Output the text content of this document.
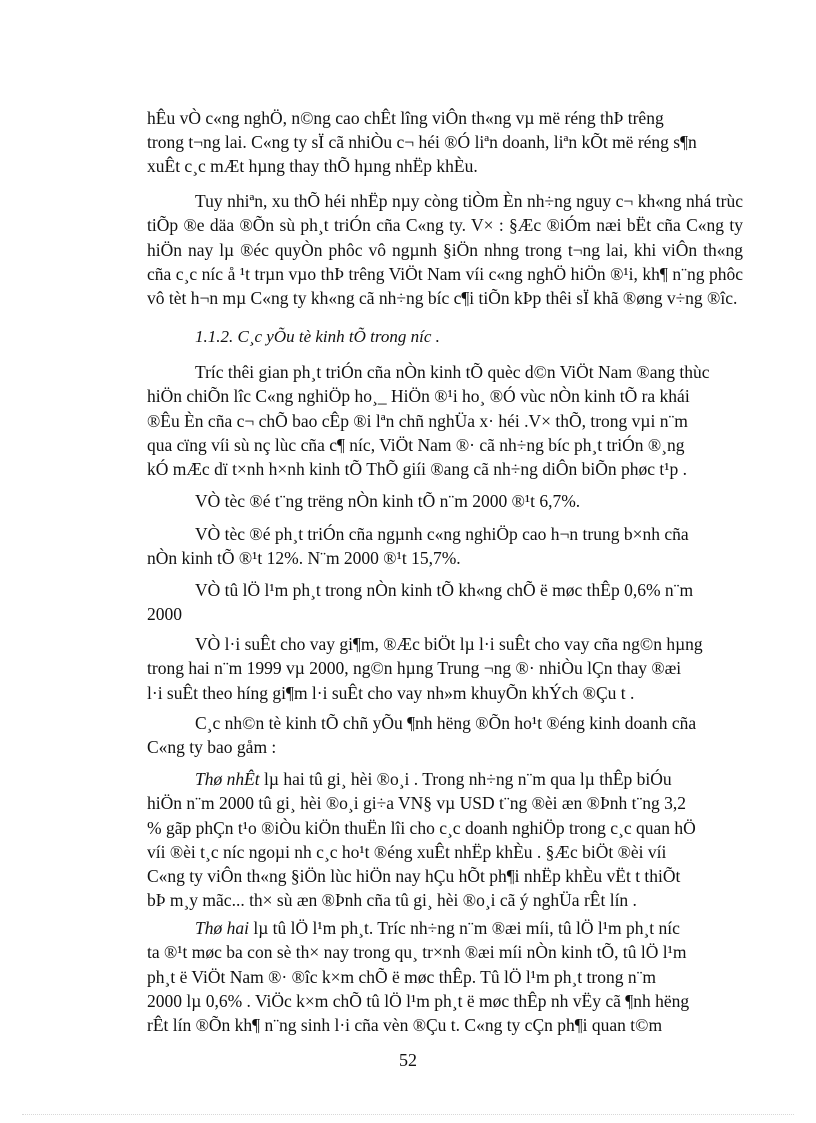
hÊu vÒ c«ng nghÖ, n©ng cao chÊt lîng viÔn th«ng vµ më réng thÞ trêng
trong t¬ng lai. C«ng ty sÏ cã nhiÒu c¬ héi ®Ó liªn doanh, liªn kÕt më réng s¶n
xuÊt c¸c mÆt hµng thay thÕ hµng nhËp khÈu.
Tuy nhiªn, xu thÕ héi nhËp nµy còng tiÒm Èn nh÷ng nguy c¬ kh«ng nhá trùc tiÕp ®e däa ®Õn sù ph¸t triÓn cña C«ng ty. V× : §Æc ®iÓm næi bËt cña C«ng ty hiÖn nay lµ ®éc quyÒn phôc vô ngµnh §iÖn nhng trong t¬ng lai, khi viÔn th«ng cña c¸c níc å ¹t trµn vµo thÞ trêng ViÖt Nam víi c«ng nghÖ hiÖn ®¹i, kh¶ n¨ng phôc vô tèt h¬n mµ C«ng ty kh«ng cã nh÷ng bíc c¶i tiÕn kÞp thêi sÏ khã ®øng v÷ng ®îc.
1.1.2. C¸c yÕu tè kinh tÕ trong níc .
Tríc thêi gian ph¸t triÓn cña nÒn kinh tÕ quèc d©n ViÖt Nam ®ang thùc
hiÖn chiÕn lîc C«ng nghiÖp ho¸_ HiÖn ®¹i ho¸ ®Ó vùc nÒn kinh tÕ ra khái
®Êu Èn cña c¬ chÕ bao cÊp ®i lªn chñ nghÜa x· héi .V× thÕ, trong vµi n¨m
qua cïng víi sù nç lùc cña c¶ níc, ViÖt Nam ®· cã nh÷ng bíc ph¸t triÓn ®¸ng
kÓ mÆc dï t×nh h×nh kinh tÕ ThÕ giíi ®ang cã nh÷ng diÔn biÕn phøc t¹p .
VÒ tèc ®é t¨ng trëng nÒn kinh tÕ n¨m 2000 ®¹t 6,7%.
VÒ tèc ®é ph¸t triÓn cña ngµnh c«ng nghiÖp cao h¬n trung b×nh cña
nÒn kinh tÕ ®¹t 12%. N¨m 2000 ®¹t 15,7%.
VÒ tû lÖ l¹m ph¸t trong nÒn kinh tÕ kh«ng chÕ ë møc thÊp 0,6% n¨m
2000
VÒ l·i suÊt cho vay gi¶m, ®Æc biÖt lµ l·i suÊt cho vay cña ng©n hµng
trong hai n¨m 1999 vµ 2000, ng©n hµng Trung ¬ng ®· nhiÒu lÇn thay ®æi
l·i suÊt theo híng gi¶m l·i suÊt cho vay nh»m khuyÕn khÝch ®Çu t .
C¸c nh©n tè kinh tÕ chñ yÕu ¶nh hëng ®Õn ho¹t ®éng kinh doanh cña
C«ng ty bao gåm :
Thø nhÊt lµ hai tû gi¸ hèi ®o¸i . Trong nh÷ng n¨m qua lµ thÊp biÓu
hiÖn n¨m 2000 tû gi¸ hèi ®o¸i gi÷a VN§ vµ USD t¨ng ®èi æn ®Þnh t¨ng 3,2
% gãp phÇn t¹o ®iÒu kiÖn thuËn lîi cho c¸c doanh nghiÖp trong c¸c quan hÖ
víi ®èi t¸c níc ngoµi nh c¸c ho¹t ®éng xuÊt nhËp khÈu . §Æc biÖt ®èi víi
C«ng ty viÔn th«ng §iÖn lùc hiÖn nay hÇu hÕt ph¶i nhËp khÈu vËt t thiÕt
bÞ m¸y mãc... th× sù æn ®Þnh cña tû gi¸ hèi ®o¸i cã ý nghÜa rÊt lín .
Thø hai lµ tû lÖ l¹m ph¸t. Tríc nh÷ng n¨m ®æi míi, tû lÖ l¹m ph¸t níc
ta ®¹t møc ba con sè th× nay trong qu¸ tr×nh ®æi míi nÒn kinh tÕ, tû lÖ l¹m
ph¸t ë ViÖt Nam ®· ®îc k×m chÕ ë møc thÊp. Tû lÖ l¹m ph¸t trong n¨m
2000 lµ 0,6% . ViÖc k×m chÕ tû lÖ l¹m ph¸t ë møc thÊp nh vËy cã ¶nh hëng
rÊt lín ®Õn kh¶ n¨ng sinh l·i cña vèn ®Çu t. C«ng ty cÇn ph¶i quan t©m
52
